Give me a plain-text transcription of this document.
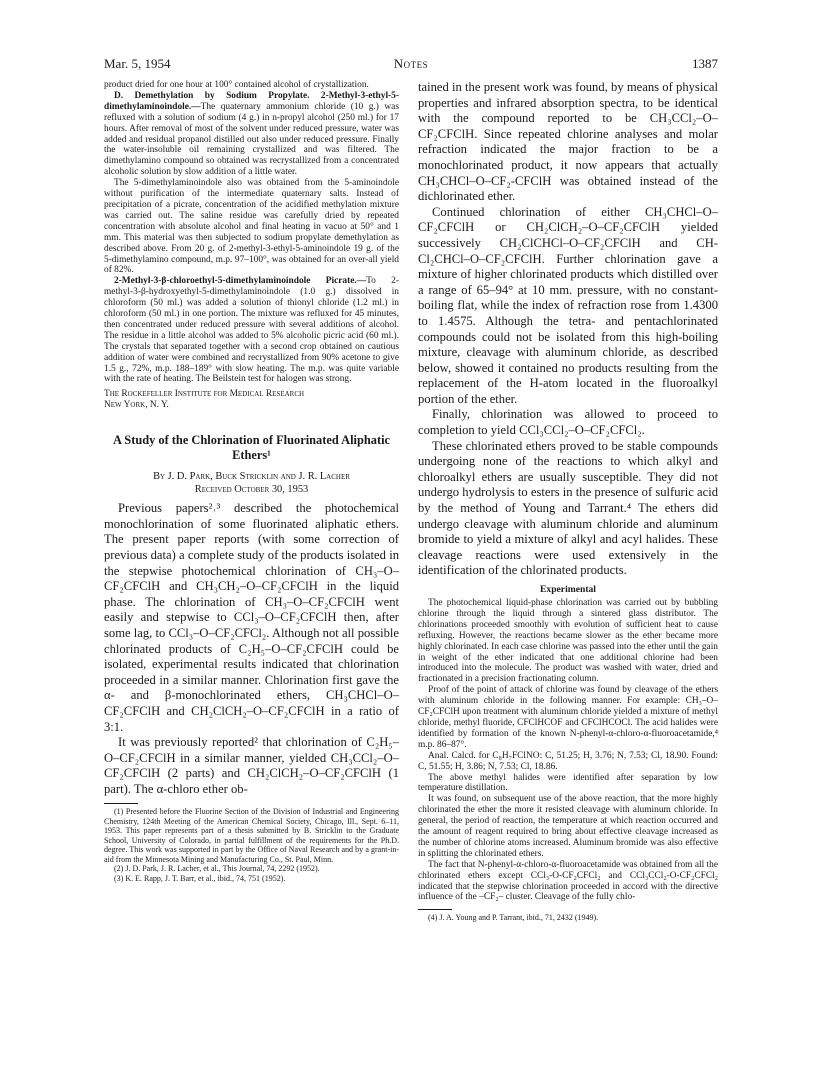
Mar. 5, 1954	Notes	1387

product dried for one hour at 100° contained alcohol of crystallization.

D. Demethylation by Sodium Propylate. 2-Methyl-3-ethyl-5-dimethylaminoindole.—The quaternary ammonium chloride (10 g.) was refluxed with a solution of sodium (4 g.) in n-propyl alcohol (250 ml.) for 17 hours. After removal of most of the solvent under reduced pressure, water was added and residual propanol distilled out also under reduced pressure. Finally the water-insoluble oil remaining crystallized and was filtered. The dimethylamino compound so obtained was recrystallized from a concentrated alcoholic solution by slow addition of a little water.

The 5-dimethylaminoindole also was obtained from the 5-aminoindole without purification of the intermediate quaternary salts. Instead of precipitation of a picrate, concentration of the acidified methylation mixture was carried out. The saline residue was carefully dried by repeated concentration with absolute alcohol and final heating in vacuo at 50° and 1 mm. This material was then subjected to sodium propylate demethylation as described above. From 20 g. of 2-methyl-3-ethyl-5-aminoindole 19 g. of the 5-dimethylamino compound, m.p. 97–100°, was obtained for an over-all yield of 82%.

2-Methyl-3-β-chloroethyl-5-dimethylaminoindole Picrate.—To 2-methyl-3-β-hydroxyethyl-5-dimethylaminoindole (1.0 g.) dissolved in chloroform (50 ml.) was added a solution of thionyl chloride (1.2 ml.) in chloroform (50 ml.) in one portion. The mixture was refluxed for 45 minutes, then concentrated under reduced pressure with several additions of alcohol. The residue in a little alcohol was added to 5% alcoholic picric acid (60 ml.). The crystals that separated together with a second crop obtained on cautious addition of water were combined and recrystallized from 90% acetone to give 1.5 g., 72%, m.p. 188–189° with slow heating. The m.p. was quite variable with the rate of heating. The Beilstein test for halogen was strong.

The Rockefeller Institute for Medical Research

New York, N. Y.

A Study of the Chlorination of Fluorinated Aliphatic Ethers¹

By J. D. Park, Buck Stricklin and J. R. Lacher

Received October 30, 1953

Previous papers²˒³ described the photochemical monochlorination of some fluorinated aliphatic ethers. The present paper reports (with some correction of previous data) a complete study of the products isolated in the stepwise photochemical chlorination of CH₃–O–CF₂CFClH and CH₃CH₂–O–CF₂CFClH in the liquid phase. The chlorination of CH₃–O–CF₂CFClH went easily and stepwise to CCl₃–O–CF₂CFClH then, after some lag, to CCl₃–O–CF₂CFCl₂. Although not all possible chlorinated products of C₂H₅–O–CF₂CFClH could be isolated, experimental results indicated that chlorination proceeded in a similar manner. Chlorination first gave the α- and β-monochlorinated ethers, CH₃CHCl–O–CF₂CFClH and CH₂ClCH₂–O–CF₂CFClH in a ratio of 3:1.

It was previously reported² that chlorination of C₂H₅–O–CF₂CFClH in a similar manner, yielded CH₃CCl₂–O–CF₂CFClH (2 parts) and CH₂ClCH₂–O–CF₂CFClH (1 part). The α-chloro ether ob-

(1) Presented before the Fluorine Section of the Division of Industrial and Engineering Chemistry, 124th Meeting of the American Chemical Society, Chicago, Ill., Sept. 6–11, 1953. This paper represents part of a thesis submitted by B. Stricklin to the Graduate School, University of Colorado, in partial fulfillment of the requirements for the Ph.D. degree. This work was supported in part by the Office of Naval Research and by a grant-in-aid from the Minnesota Mining and Manufacturing Co., St. Paul, Minn.

(2) J. D. Park, J. R. Lacher, et al., This Journal, 74, 2292 (1952).

(3) K. E. Rapp, J. T. Barr, et al., ibid., 74, 751 (1952).

tained in the present work was found, by means of physical properties and infrared absorption spectra, to be identical with the compound reported to be CH₃CCl₂–O–CF₂CFClH. Since repeated chlorine analyses and molar refraction indicated the major fraction to be a monochlorinated product, it now appears that actually CH₃CHCl–O–CF₂-CFClH was obtained instead of the dichlorinated ether.

Continued chlorination of either CH₃CHCl–O–CF₂CFClH or CH₂ClCH₂–O–CF₂CFClH yielded successively CH₂ClCHCl–O–CF₂CFClH and CH-Cl₂CHCl–O–CF₂CFClH. Further chlorination gave a mixture of higher chlorinated products which distilled over a range of 65–94° at 10 mm. pressure, with no constant-boiling flat, while the index of refraction rose from 1.4300 to 1.4575. Although the tetra- and pentachlorinated compounds could not be isolated from this high-boiling mixture, cleavage with aluminum chloride, as described below, showed it contained no products resulting from the replacement of the H-atom located in the fluoroalkyl portion of the ether.

Finally, chlorination was allowed to proceed to completion to yield CCl₃CCl₂–O–CF₂CFCl₂.

These chlorinated ethers proved to be stable compounds undergoing none of the reactions to which alkyl and chloroalkyl ethers are usually susceptible. They did not undergo hydrolysis to esters in the presence of sulfuric acid by the method of Young and Tarrant.⁴ The ethers did undergo cleavage with aluminum chloride and aluminum bromide to yield a mixture of alkyl and acyl halides. These cleavage reactions were used extensively in the identification of the chlorinated products.

Experimental

The photochemical liquid-phase chlorination was carried out by bubbling chlorine through the liquid through a sintered glass distributor. The chlorinations proceeded smoothly with evolution of sufficient heat to cause refluxing. However, the reactions became slower as the ether became more highly chlorinated. In each case chlorine was passed into the ether until the gain in weight of the ether indicated that one additional chlorine had been introduced into the molecule. The product was washed with water, dried and fractionated in a precision fractionating column.

Proof of the point of attack of chlorine was found by cleavage of the ethers with aluminum chloride in the following manner. For example: CH₃–O–CF₂CFClH upon treatment with aluminum chloride yielded a mixture of methyl chloride, methyl fluoride, CFClHCOF and CFClHCOCl. The acid halides were identified by formation of the known N-phenyl-α-chloro-α-fluoroacetamide,⁴ m.p. 86–87°.

Anal. Calcd. for C₈H₇FClNO: C, 51.25; H, 3.76; N, 7.53; Cl, 18.90. Found: C, 51.55; H, 3.86; N, 7.53; Cl, 18.86.

The above methyl halides were identified after separation by low temperature distillation.

It was found, on subsequent use of the above reaction, that the more highly chlorinated the ether the more it resisted cleavage with aluminum chloride. In general, the period of reaction, the temperature at which reaction occurred and the amount of reagent required to bring about effective cleavage increased as the number of chlorine atoms increased. Aluminum bromide was also effective in splitting the chlorinated ethers.

The fact that N-phenyl-α-chloro-α-fluoroacetamide was obtained from all the chlorinated ethers except CCl₃-O-CF₂CFCl₂ and CCl₃CCl₂-O-CF₂CFCl₂ indicated that the stepwise chlorination proceeded in accord with the directive influence of the –CF₂– cluster. Cleavage of the fully chlo-

(4) J. A. Young and P. Tarrant, ibid., 71, 2432 (1949).
